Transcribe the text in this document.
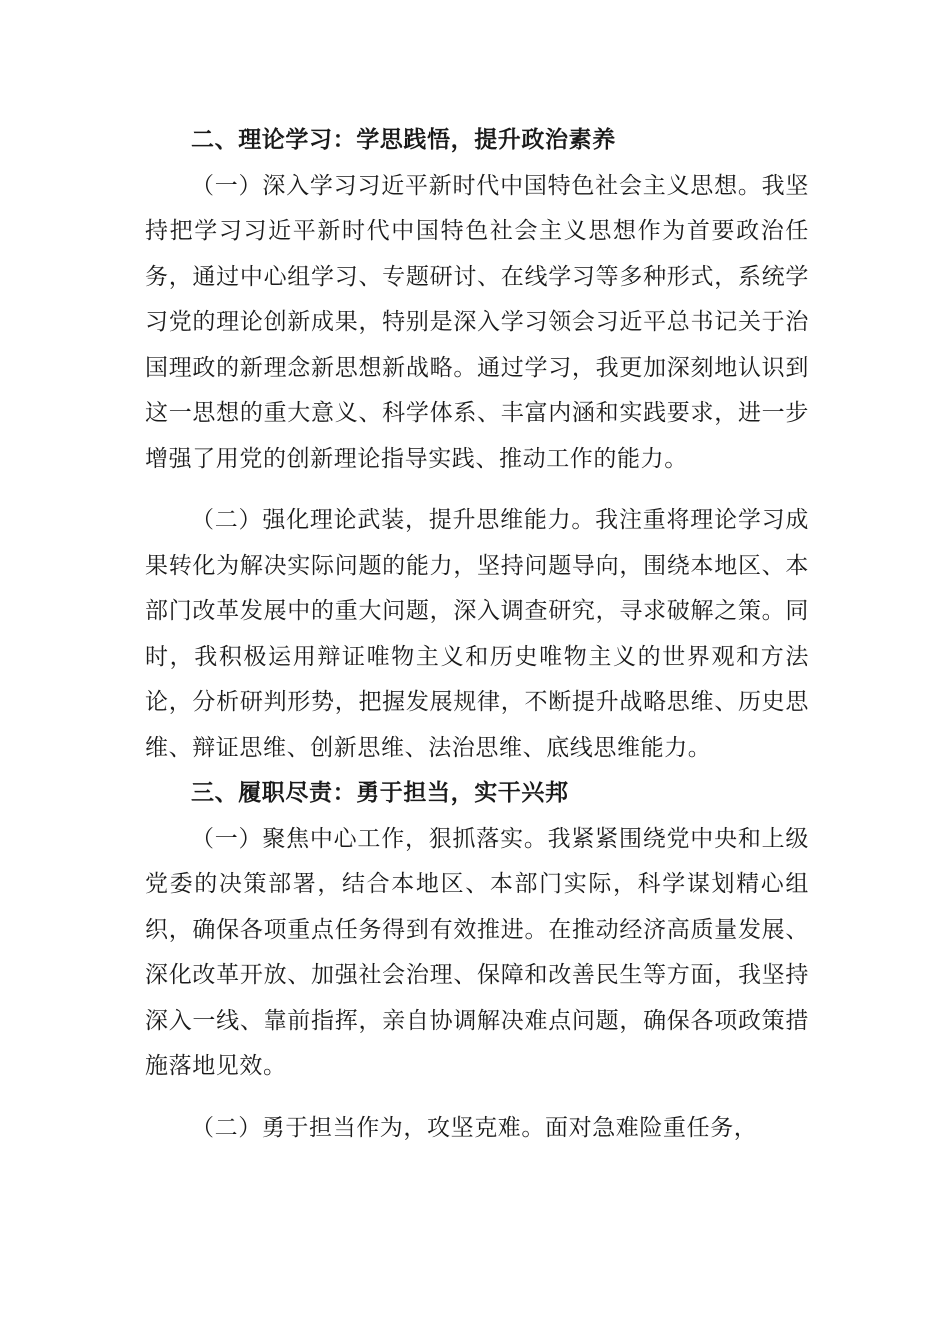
二、理论学习：学思践悟，提升政治素养

（一）深入学习习近平新时代中国特色社会主义思想。我坚持把学习习近平新时代中国特色社会主义思想作为首要政治任务，通过中心组学习、专题研讨、在线学习等多种形式，系统学习党的理论创新成果，特别是深入学习领会习近平总书记关于治国理政的新理念新思想新战略。通过学习，我更加深刻地认识到这一思想的重大意义、科学体系、丰富内涵和实践要求，进一步增强了用党的创新理论指导实践、推动工作的能力。

（二）强化理论武装，提升思维能力。我注重将理论学习成果转化为解决实际问题的能力，坚持问题导向，围绕本地区、本部门改革发展中的重大问题，深入调查研究，寻求破解之策。同时，我积极运用辩证唯物主义和历史唯物主义的世界观和方法论，分析研判形势，把握发展规律，不断提升战略思维、历史思维、辩证思维、创新思维、法治思维、底线思维能力。

三、履职尽责：勇于担当，实干兴邦

（一）聚焦中心工作，狠抓落实。我紧紧围绕党中央和上级党委的决策部署，结合本地区、本部门实际，科学谋划精心组织，确保各项重点任务得到有效推进。在推动经济高质量发展、深化改革开放、加强社会治理、保障和改善民生等方面，我坚持深入一线、靠前指挥，亲自协调解决难点问题，确保各项政策措施落地见效。

（二）勇于担当作为，攻坚克难。面对急难险重任务，
